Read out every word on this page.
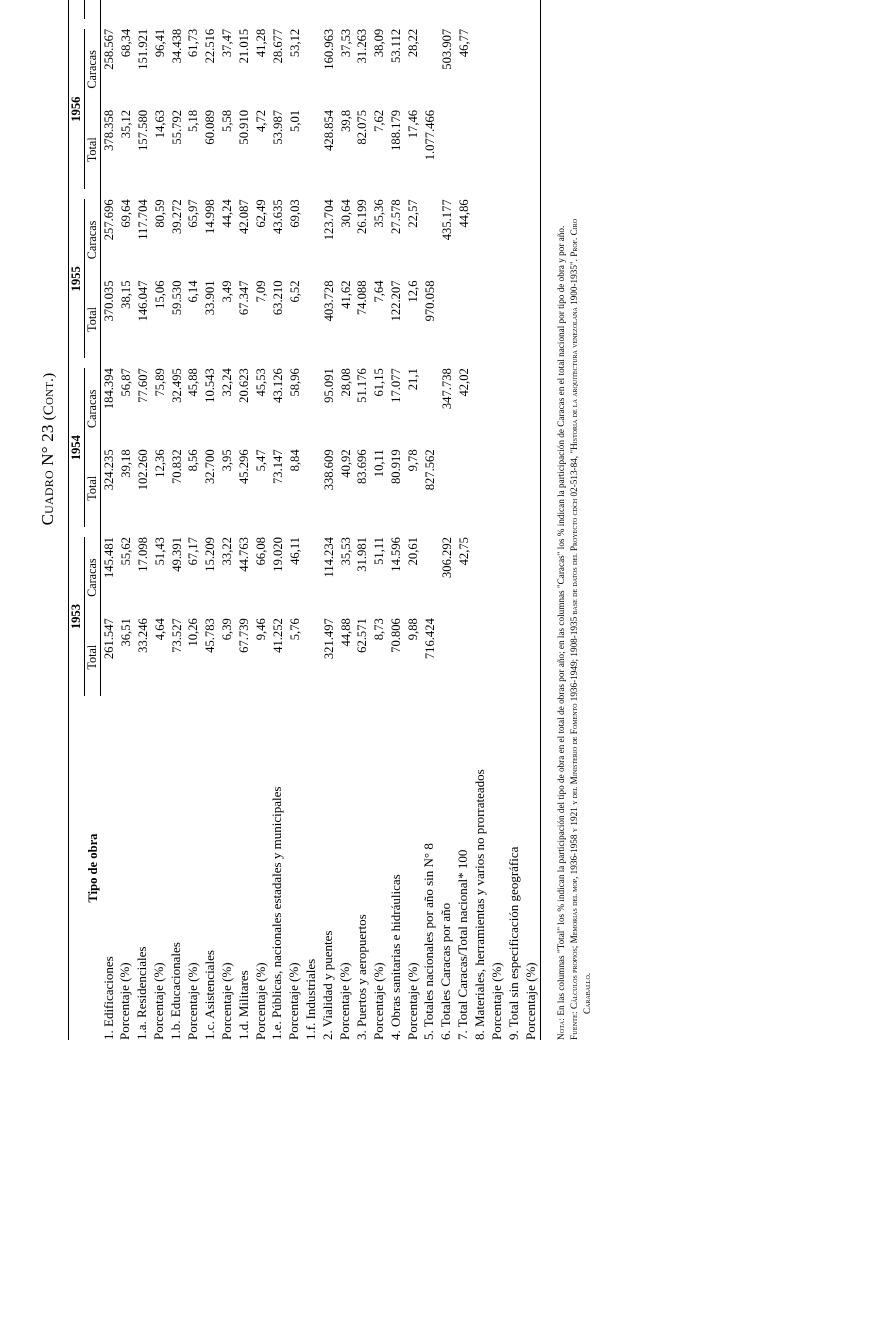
Cuadro N° 23 (Cont.)
Tipo de obra	1953			1954			1955			1956		
	Total	Caracas		Total	Caracas		Total	Caracas		Total	Caracas			
1. Edificaciones	261.547	145.481		324.235	184.394		370.035	257.696		378.358	258.567			
Porcentaje (%)	36,51	55,62		39,18	56,87		38,15	69,64		35,12	68,34			
1.a. Residenciales	33.246	17.098		102.260	77.607		146.047	117.704		157.580	151.921			
Porcentaje (%)	4,64	51,43		12,36	75,89		15,06	80,59		14,63	96,41			
1.b. Educacionales	73.527	49.391		70.832	32.495		59.530	39.272		55.792	34.438			
Porcentaje (%)	10,26	67,17		8,56	45,88		6,14	65,97		5,18	61,73			
1.c. Asistenciales	45.783	15.209		32.700	10.543		33.901	14.998		60.089	22.516			
Porcentaje (%)	6,39	33,22		3,95	32,24		3,49	44,24		5,58	37,47			
1.d. Militares	67.739	44.763		45.296	20.623		67.347	42.087		50.910	21.015			
Porcentaje (%)	9,46	66,08		5,47	45,53		7,09	62,49		4,72	41,28			
1.e. Públicas, nacionales estadales y municipales	41.252	19.020		73.147	43.126		63.210	43.635		53.987	28.677			
Porcentaje (%)	5,76	46,11		8,84	58,96		6,52	69,03		5,01	53,12			
1.f. Industriales														
2. Vialidad y puentes	321.497	114.234		338.609	95.091		403.728	123.704		428.854	160.963			
Porcentaje (%)	44,88	35,53		40,92	28,08		41,62	30,64		39,8	37,53			
3. Puertos y aeropuertos	62.571	31.981		83.696	51.176		74.088	26.199		82.075	31.263			
Porcentaje (%)	8,73	51,11		10,11	61,15		7,64	35,36		7,62	38,09			
4. Obras sanitarias e hidráulicas	70.806	14.596		80.919	17.077		122.207	27.578		188.179	53.112			
Porcentaje (%)	9,88	20,61		9,78	21,1		12,6	22,57		17,46	28,22			
5. Totales nacionales por año sin N° 8	716.424			827.562			970.058			1.077.466				
6. Totales Caracas por año		306.292			347.738			435.177			503.907			
7. Total Caracas/Total nacional* 100		42,75			42,02			44,86			46,77			
8. Materiales, herramientas y varios no prorrateados														
Porcentaje (%)														
9. Total sin especificación geográfica														
Porcentaje (%)														Nota: En las columnas "Total" los % indican la participación del tipo de obra en el total de obras por año; en las columnas "Caracas" los % indican la participación de Caracas en el total nacional por tipo de obra y por año.

Fuente: Cálculos propios; Memorias del mop, 1936-1958 y 1921 y del Ministerio de Fomento 1936-1949; 1908-1935 base de datos del Proyecto cdch 02-513-84, "Historia de la arquitectura venezolana 1900-1935". Prof. Ciro Caraballo.
